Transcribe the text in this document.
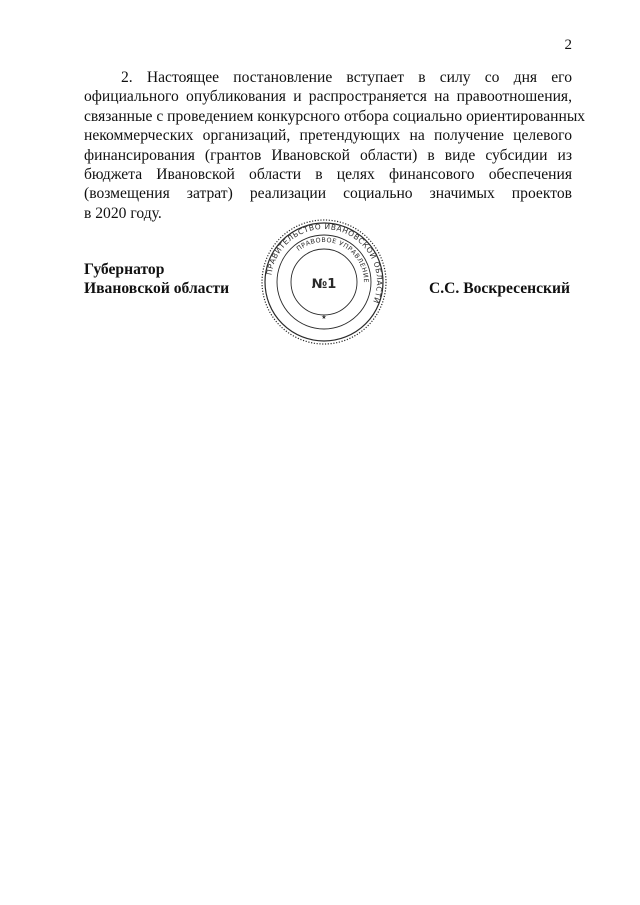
2
2. Настоящее постановление вступает в силу со дня его
официального опубликования и распространяется на правоотношения,
связанные с проведением конкурсного отбора социально ориентированных
некоммерческих организаций, претендующих на получение целевого
финансирования (грантов Ивановской области) в виде субсидии из
бюджета Ивановской области в целях финансового обеспечения
(возмещения затрат) реализации социально значимых проектов
в 2020 году.
Губернатор
Ивановской области
ПРАВИТЕЛЬСТВО ИВАНОВСКОЙ ОБЛАСТИ
ПРАВОВОЕ УПРАВЛЕНИЕ
№1
★
С.С. Воскресенский
